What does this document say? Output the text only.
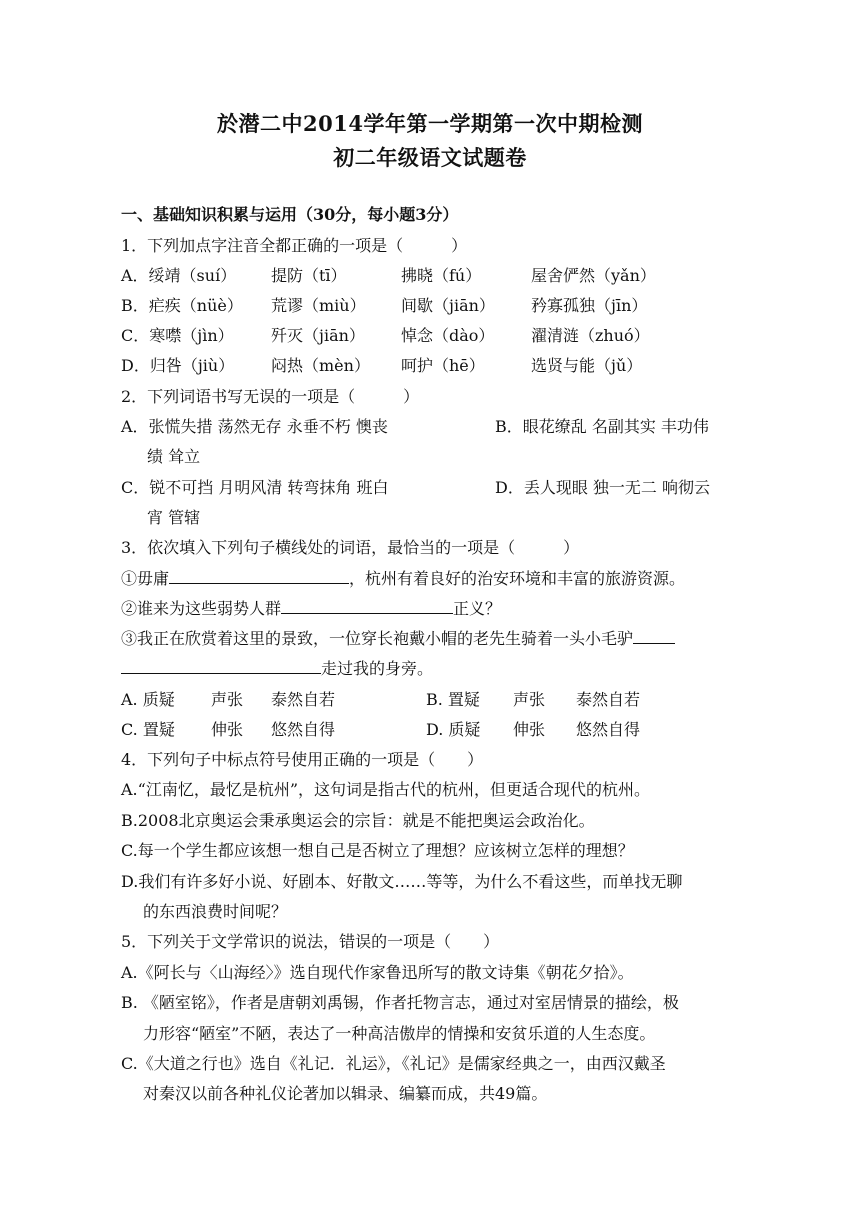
於潜二中2014学年第一学期第一次中期检测
初二年级语文试题卷
一、基础知识积累与运用（30分，每小题3分）
1．下列加点字注音全都正确的一项是（　　　）
A．绥靖（suí） 提防（tī）	拂晓（fú）	屋舍俨然（yǎn）
B．疟疾（nüè） 荒谬（miù） 间歇（jiān） 矜寡孤独（jīn）
C．寒噤（jìn） 歼灭（jiān） 悼念（dào） 濯清涟（zhuó）
D．归咎（jiù） 闷热（mèn） 呵护（hē）	选贤与能（jǔ）
2．下列词语书写无误的一项是（　　　）
A．张慌失措 荡然无存 永垂不朽 懊丧	B．眼花缭乱 名副其实 丰功伟
绩 耸立
C．锐不可挡 月明风清 转弯抹角 班白	D．丢人现眼 独一无二 响彻云
宵 管辖
3．依次填入下列句子横线处的词语，最恰当的一项是（　　　）
①毋庸	，杭州有着良好的治安环境和丰富的旅游资源。
②谁来为这些弱势人群	正义？
③我正在欣赏着这里的景致，一位穿长袍戴小帽的老先生骑着一头小毛驴
走过我的身旁。
A. 质疑 声张 泰然自若	B. 置疑 声张 泰然自若
C. 置疑 伸张 悠然自得	D. 质疑 伸张 悠然自得
4．下列句子中标点符号使用正确的一项是（　　）
A.“江南忆，最忆是杭州”，这句词是指古代的杭州，但更适合现代的杭州。
B.2008北京奥运会秉承奥运会的宗旨：就是不能把奥运会政治化。
C.每一个学生都应该想一想自己是否树立了理想？应该树立怎样的理想？
D.我们有许多好小说、好剧本、好散文……等等，为什么不看这些，而单找无聊
的东西浪费时间呢？
5．下列关于文学常识的说法，错误的一项是（　　）
A.《阿长与〈山海经〉》选自现代作家鲁迅所写的散文诗集《朝花夕拾》。
B. 《陋室铭》，作者是唐朝刘禹锡，作者托物言志，通过对室居情景的描绘，极
力形容“陋室”不陋，表达了一种高洁傲岸的情操和安贫乐道的人生态度。
C.《大道之行也》选自《礼记．礼运》，《礼记》是儒家经典之一，由西汉戴圣
对秦汉以前各种礼仪论著加以辑录、编纂而成，共49篇。
